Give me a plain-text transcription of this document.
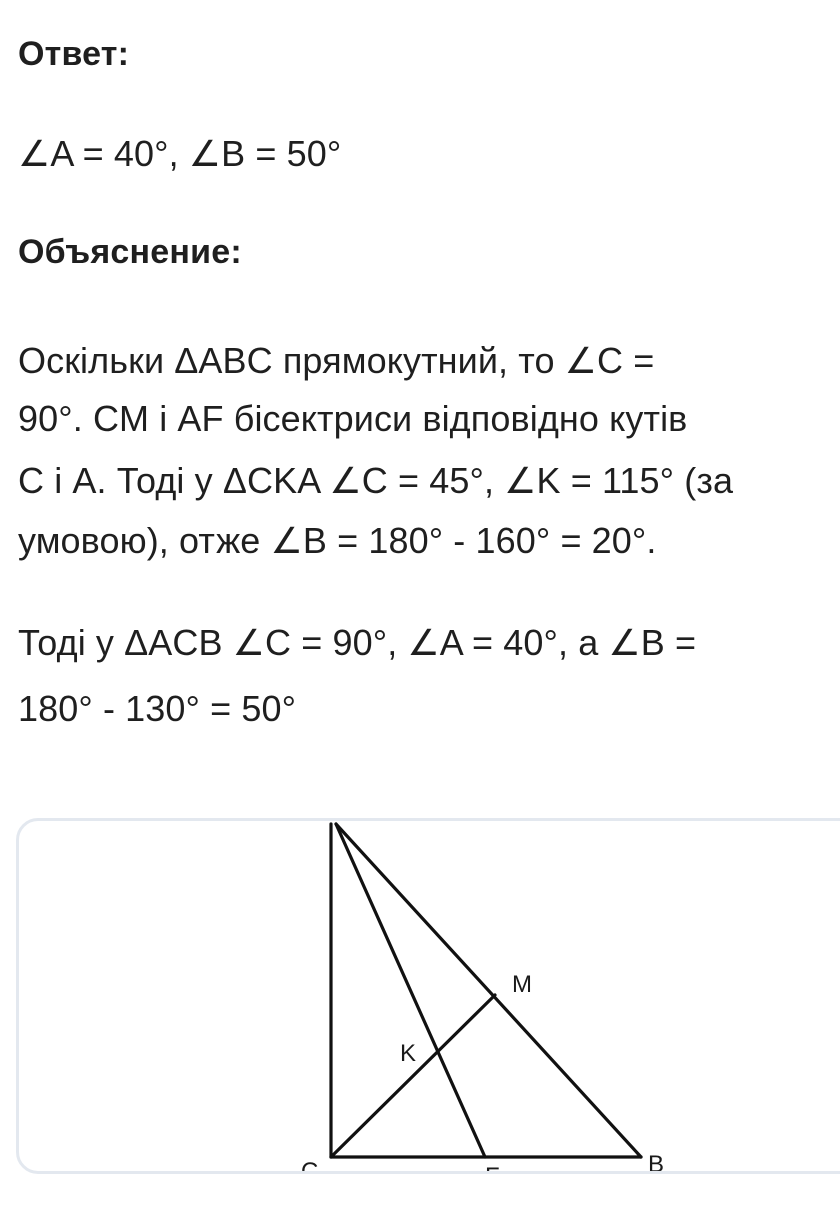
Ответ:

∠A = 40°, ∠B = 50°

Объяснение:
Оскільки ΔABC прямокутний, то ∠C =
90°. CM і AF бісектриси відповідно кутів
C і A. Тоді у ΔCKA ∠C = 45°, ∠K = 115° (за
умовою), отже ∠B = 180° - 160° = 20°.
Тоді у ΔACB ∠C = 90°, ∠A = 40°, а ∠B =
180° - 130° = 50°
M
K
C	F	B
